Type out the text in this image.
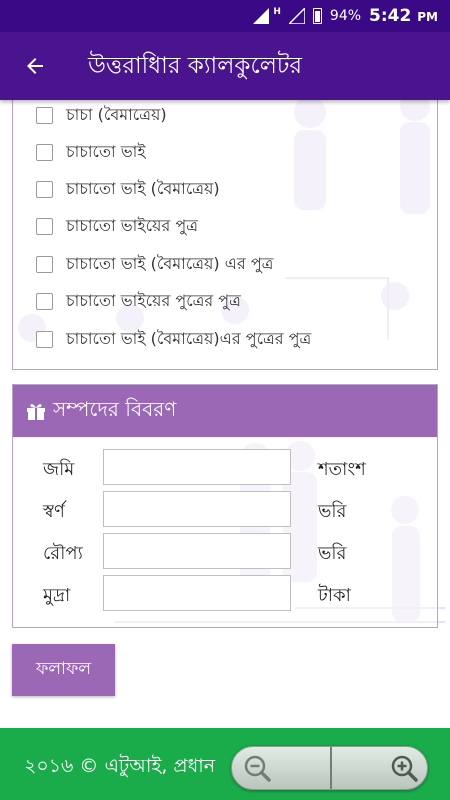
H	94% 5:42 PM
উত্তরাধিার ক্যালকুলেটর
চাচা (বৈমাত্রেয়)
চাচাতো ভাই
চাচাতো ভাই (বৈমাত্রেয়)
চাচাতো ভাইয়ের পুত্র
চাচাতো ভাই (বৈমাত্রেয়) এর পুত্র
চাচাতো ভাইয়ের পুত্রের পুত্র
চাচাতো ভাই (বৈমাত্রেয়)এর পুত্রের পুত্র
সম্পদের বিবরণ
জমি	শতাংশ
স্বর্ণ	ভরি
রৌপ্য	ভরি
মুদ্রা	টাকা
ফলাফল
২০১৬ © এটুআই, প্রধান
